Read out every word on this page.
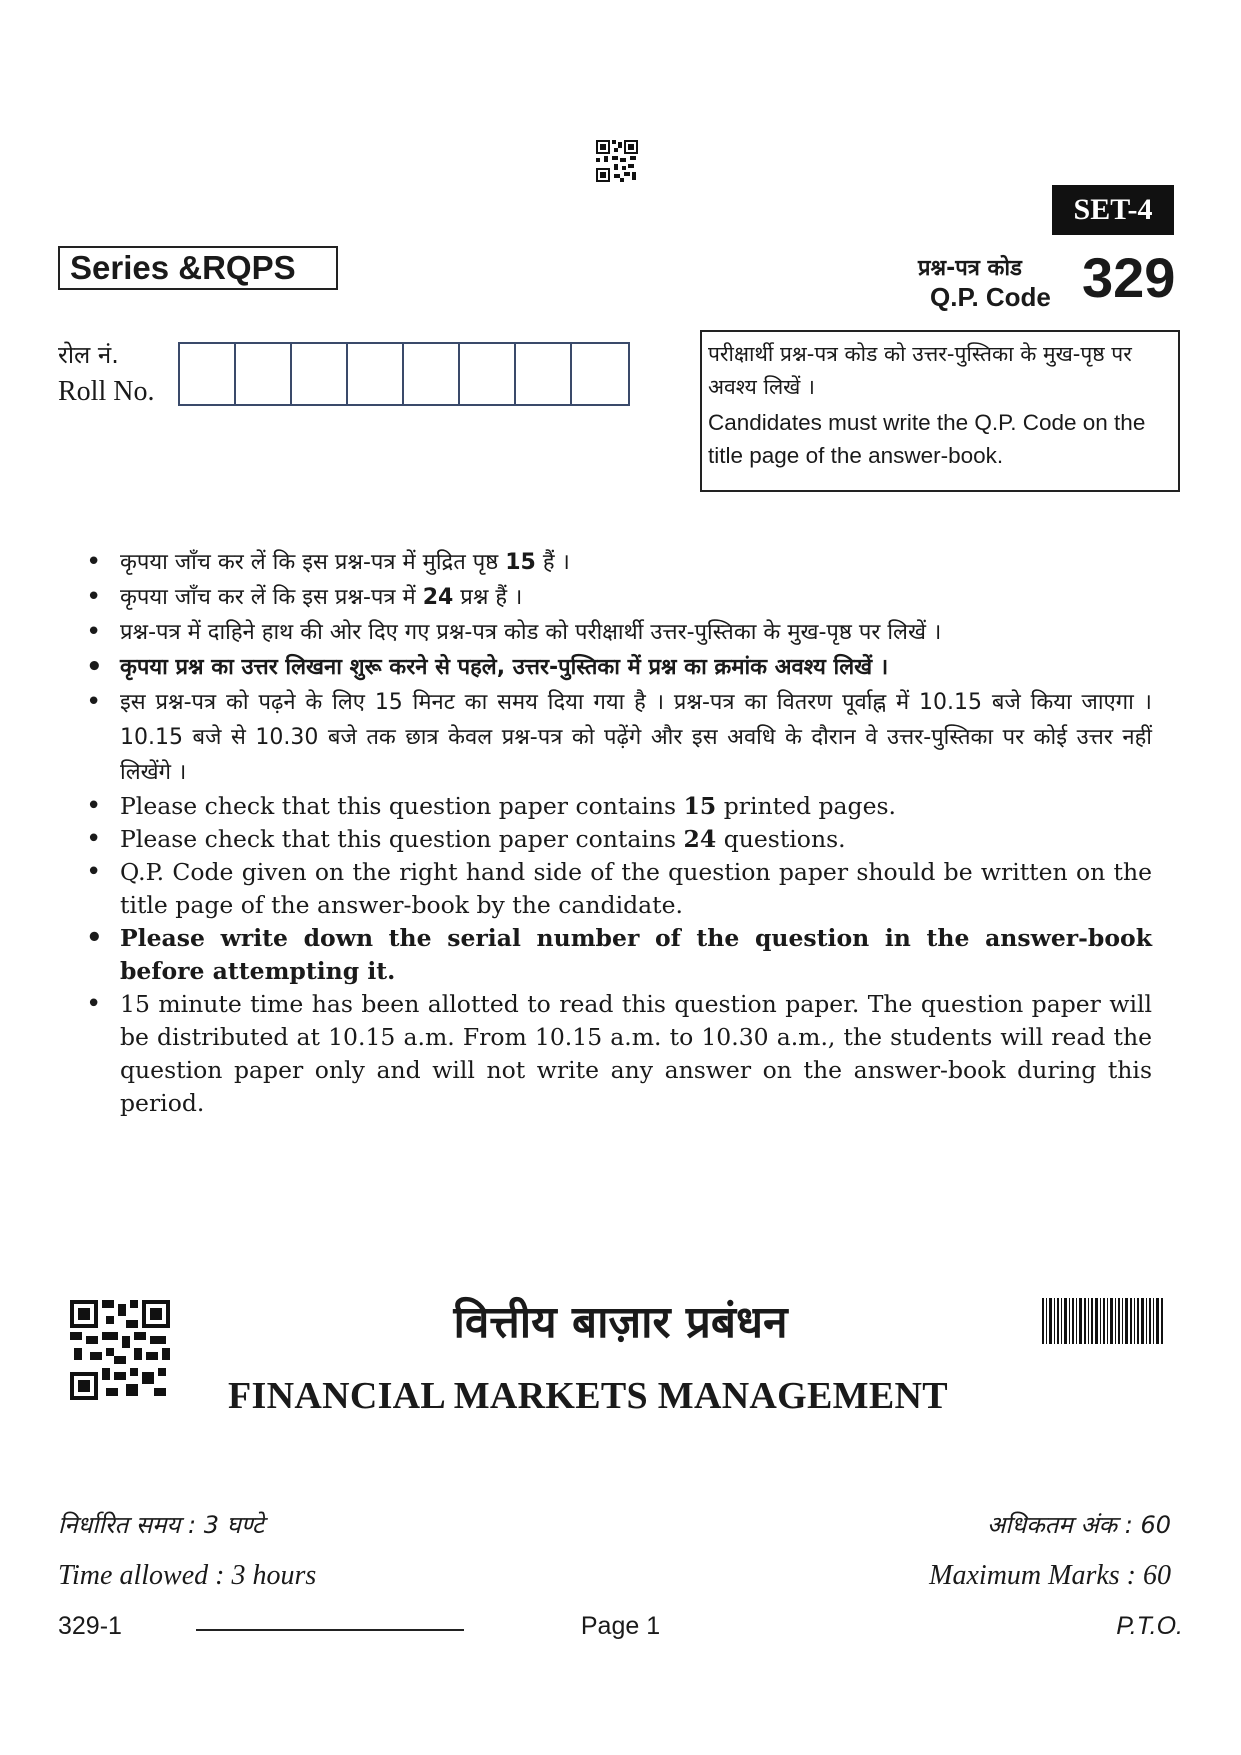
SET-4
Series &RQPS	प्रश्न-पत्र कोड
Q.P. Code 329
रोल नं.
Roll No.
परीक्षार्थी प्रश्न-पत्र कोड को उत्तर-पुस्तिका के मुख-पृष्ठ पर अवश्य लिखें ।
Candidates must write the Q.P. Code on the title page of the answer-book.
• कृपया जाँच कर लें कि इस प्रश्न-पत्र में मुद्रित पृष्ठ 15 हैं ।
• कृपया जाँच कर लें कि इस प्रश्न-पत्र में 24 प्रश्न हैं ।
• प्रश्न-पत्र में दाहिने हाथ की ओर दिए गए प्रश्न-पत्र कोड को परीक्षार्थी उत्तर-पुस्तिका के मुख-पृष्ठ पर लिखें ।
• कृपया प्रश्न का उत्तर लिखना शुरू करने से पहले, उत्तर-पुस्तिका में प्रश्न का क्रमांक अवश्य लिखें ।
• इस प्रश्न-पत्र को पढ़ने के लिए 15 मिनट का समय दिया गया है । प्रश्न-पत्र का वितरण पूर्वाह्न में 10.15 बजे किया जाएगा । 10.15 बजे से 10.30 बजे तक छात्र केवल प्रश्न-पत्र को पढ़ेंगे और इस अवधि के दौरान वे उत्तर-पुस्तिका पर कोई उत्तर नहीं लिखेंगे ।
• Please check that this question paper contains 15 printed pages.
• Please check that this question paper contains 24 questions.
• Q.P. Code given on the right hand side of the question paper should be written on the title page of the answer-book by the candidate.
• Please write down the serial number of the question in the answer-book before attempting it.
• 15 minute time has been allotted to read this question paper. The question paper will be distributed at 10.15 a.m. From 10.15 a.m. to 10.30 a.m., the students will read the question paper only and will not write any answer on the answer-book during this period.
वित्तीय बाज़ार प्रबंधन
FINANCIAL MARKETS MANAGEMENT
निर्धारित समय : 3 घण्टे
Time allowed : 3 hours
अधिकतम अंक : 60
Maximum Marks : 60
329-1	Page 1	P.T.O.
